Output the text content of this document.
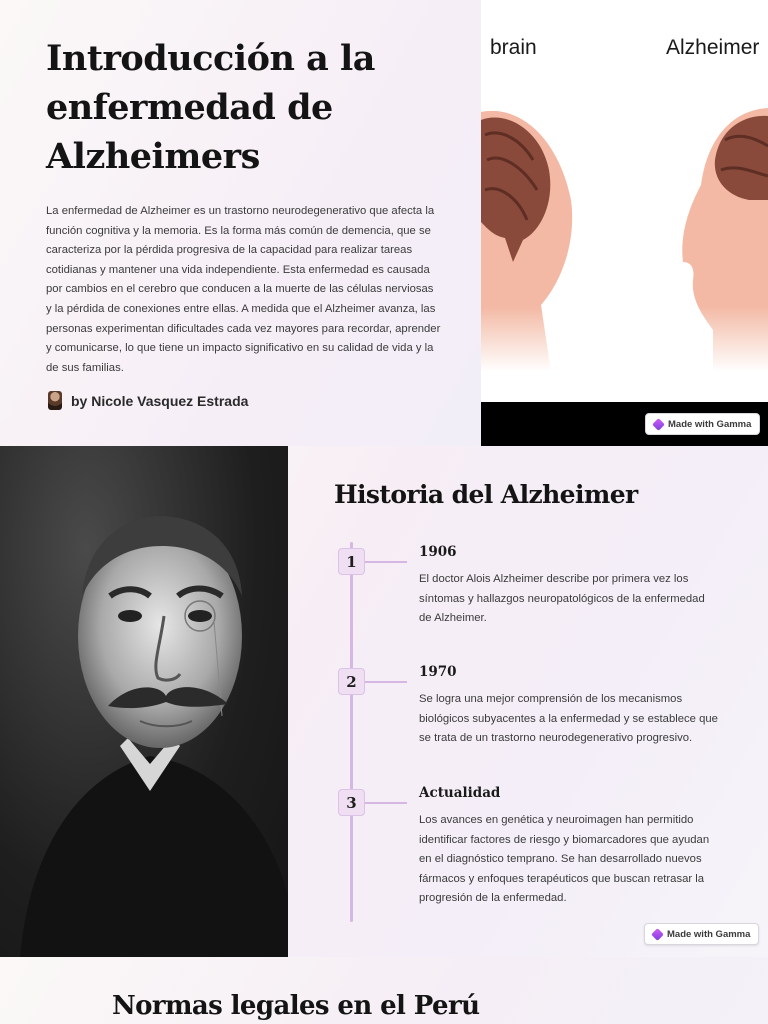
Introducción a la enfermedad de Alzheimers

La enfermedad de Alzheimer es un trastorno neurodegenerativo que afecta la función cognitiva y la memoria. Es la forma más común de demencia, que se caracteriza por la pérdida progresiva de la capacidad para realizar tareas cotidianas y mantener una vida independiente. Esta enfermedad es causada por cambios en el cerebro que conducen a la muerte de las células nerviosas y la pérdida de conexiones entre ellas. A medida que el Alzheimer avanza, las personas experimentan dificultades cada vez mayores para recordar, aprender y comunicarse, lo que tiene un impacto significativo en su calidad de vida y la de sus familias.

by Nicole Vasquez Estrada
brain	Alzheimer
Made with Gamma
Historia del Alzheimer
1
1906
El doctor Alois Alzheimer describe por primera vez los síntomas y hallazgos neuropatológicos de la enfermedad de Alzheimer.
2
1970
Se logra una mejor comprensión de los mecanismos biológicos subyacentes a la enfermedad y se establece que se trata de un trastorno neurodegenerativo progresivo.
3
Actualidad
Los avances en genética y neuroimagen han permitido identificar factores de riesgo y biomarcadores que ayudan en el diagnóstico temprano. Se han desarrollado nuevos fármacos y enfoques terapéuticos que buscan retrasar la progresión de la enfermedad.
Made with Gamma
Normas legales en el Perú
